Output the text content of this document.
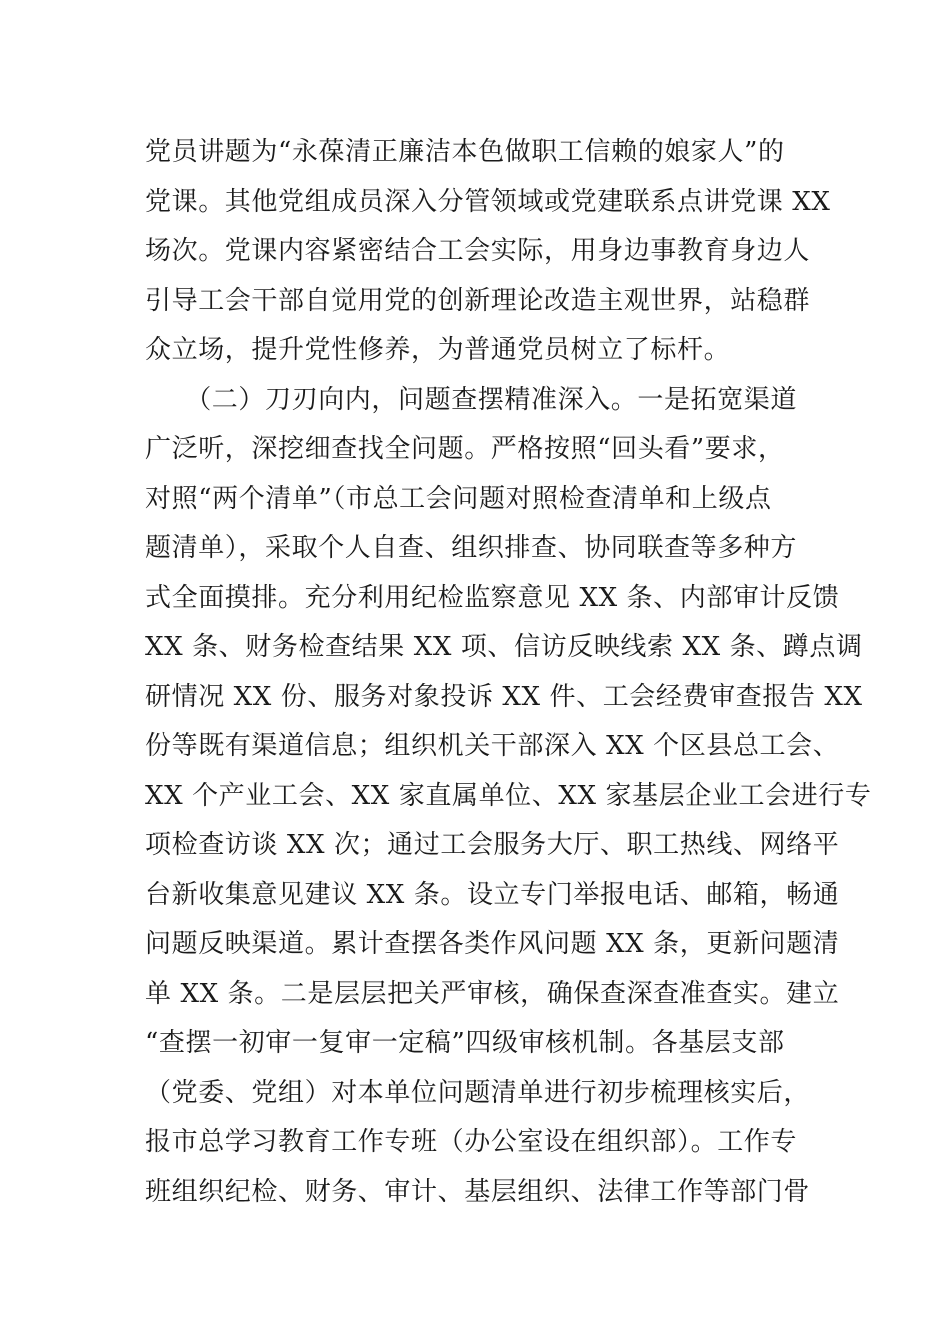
党员讲题为“永葆清正廉洁本色做职工信赖的娘家人”的
党课。其他党组成员深入分管领域或党建联系点讲党课 XX
场次。党课内容紧密结合工会实际，用身边事教育身边人
引导工会干部自觉用党的创新理论改造主观世界，站稳群
众立场，提升党性修养，为普通党员树立了标杆。
　　（二）刀刃向内，问题查摆精准深入。一是拓宽渠道
广泛听，深挖细查找全问题。严格按照“回头看”要求，
对照“两个清单”（市总工会问题对照检查清单和上级点
题清单），采取个人自查、组织排查、协同联查等多种方
式全面摸排。充分利用纪检监察意见 XX 条、内部审计反馈
XX 条、财务检查结果 XX 项、信访反映线索 XX 条、蹲点调
研情况 XX 份、服务对象投诉 XX 件、工会经费审查报告 XX
份等既有渠道信息；组织机关干部深入 XX 个区县总工会、
XX 个产业工会、XX 家直属单位、XX 家基层企业工会进行专
项检查访谈 XX 次；通过工会服务大厅、职工热线、网络平
台新收集意见建议 XX 条。设立专门举报电话、邮箱，畅通
问题反映渠道。累计查摆各类作风问题 XX 条，更新问题清
单 XX 条。二是层层把关严审核，确保查深查准查实。建立
“查摆一初审一复审一定稿”四级审核机制。各基层支部
（党委、党组）对本单位问题清单进行初步梳理核实后，
报市总学习教育工作专班（办公室设在组织部）。工作专
班组织纪检、财务、审计、基层组织、法律工作等部门骨
